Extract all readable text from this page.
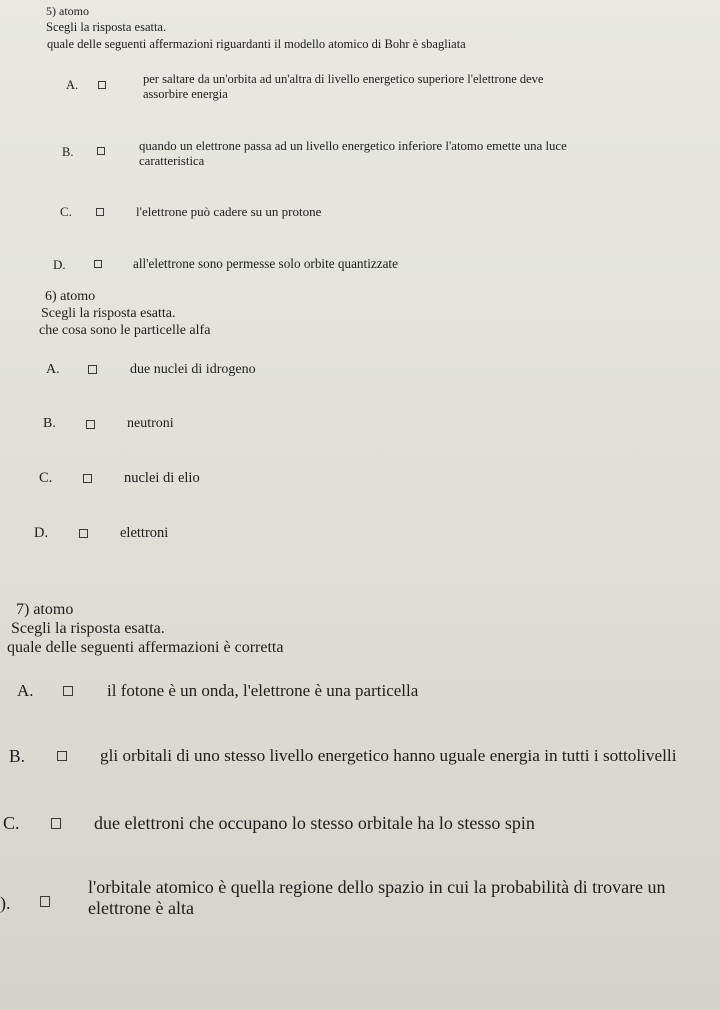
5) atomo
Scegli la risposta esatta.
quale delle seguenti affermazioni riguardanti il modello atomico di Bohr è sbagliata
A.	per saltare da un'orbita ad un'altra di livello energetico superiore l'elettrone deve
assorbire energia
B.	quando un elettrone passa ad un livello energetico inferiore l'atomo emette una luce
caratteristica
C.	l'elettrone può cadere su un protone
D.	all'elettrone sono permesse solo orbite quantizzate
6) atomo
Scegli la risposta esatta.
che cosa sono le particelle alfa
A.	due nuclei di idrogeno
B.	neutroni
C.	nuclei di elio
D.	elettroni
7) atomo
Scegli la risposta esatta.
quale delle seguenti affermazioni è corretta
A.	il fotone è un onda, l'elettrone è una particella
B.	gli orbitali di uno stesso livello energetico hanno uguale energia in tutti i sottolivelli
C.	due elettroni che occupano lo stesso orbitale ha lo stesso spin
).
l'orbitale atomico è quella regione dello spazio in cui la probabilità di trovare un
elettrone è alta
